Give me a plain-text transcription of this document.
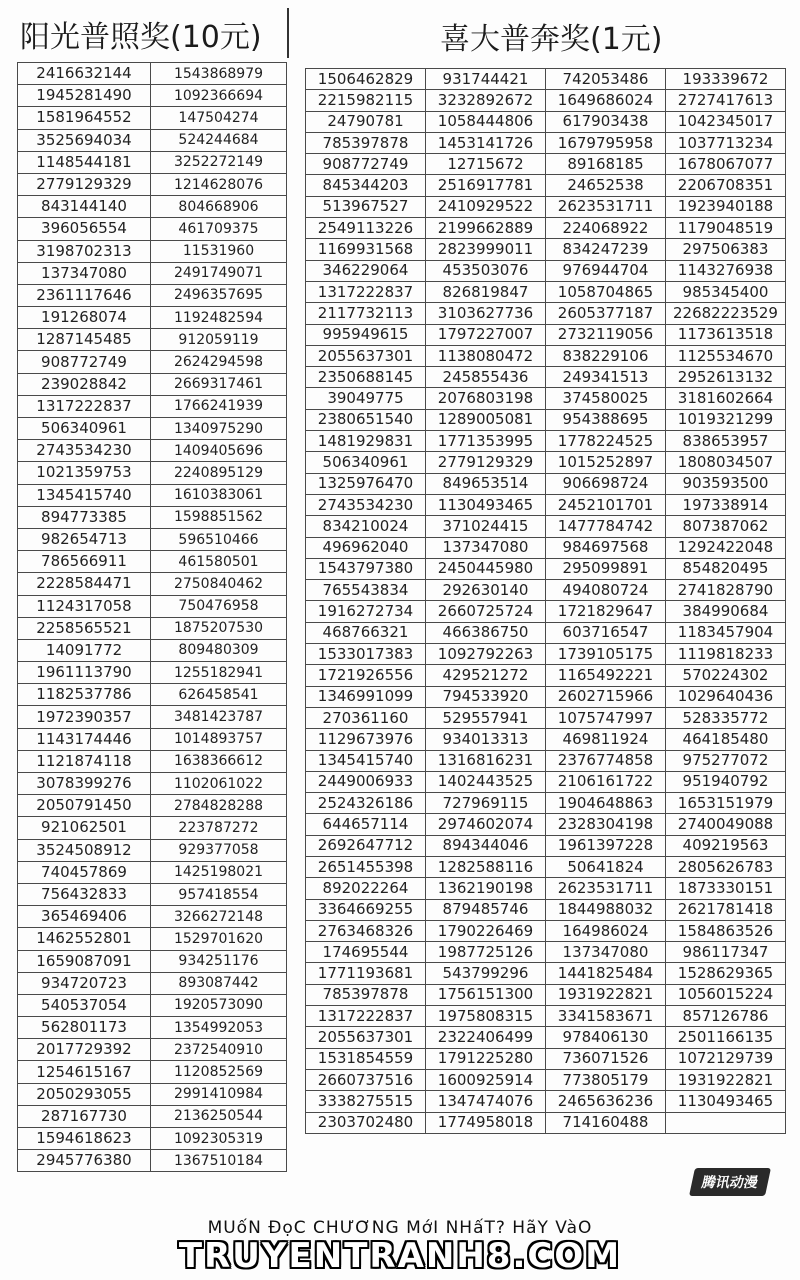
阳光普照奖(10元)	喜大普奔奖(1元)
2416632144	1543868979
1945281490	1092366694
1581964552	147504274
3525694034	524244684
1148544181	3252272149
2779129329	1214628076
843144140	804668906
396056554	461709375
3198702313	11531960
137347080	2491749071
2361117646	2496357695
191268074	1192482594
1287145485	912059119
908772749	2624294598
239028842	2669317461
1317222837	1766241939
506340961	1340975290
2743534230	1409405696
1021359753	2240895129
1345415740	1610383061
894773385	1598851562
982654713	596510466
786566911	461580501
2228584471	2750840462
1124317058	750476958
2258565521	1875207530
14091772	809480309
1961113790	1255182941
1182537786	626458541
1972390357	3481423787
1143174446	1014893757
1121874118	1638366612
3078399276	1102061022
2050791450	2784828288
921062501	223787272
3524508912	929377058
740457869	1425198021
756432833	957418554
365469406	3266272148
1462552801	1529701620
1659087091	934251176
934720723	893087442
540537054	1920573090
562801173	1354992053
2017729392	2372540910
1254615167	1120852569
2050293055	2991410984
287167730	2136250544
1594618623	1092305319
2945776380	1367510184
1506462829	931744421	742053486	193339672
2215982115	3232892672	1649686024	2727417613
24790781	1058444806	617903438	1042345017
785397878	1453141726	1679795958	1037713234
908772749	12715672	89168185	1678067077
845344203	2516917781	24652538	2206708351
513967527	2410929522	2623531711	1923940188
2549113226	2199662889	224068922	1179048519
1169931568	2823999011	834247239	297506383
346229064	453503076	976944704	1143276938
1317222837	826819847	1058704865	985345400
2117732113	3103627736	2605377187	22682223529
995949615	1797227007	2732119056	1173613518
2055637301	1138080472	838229106	1125534670
2350688145	245855436	249341513	2952613132
39049775	2076803198	374580025	3181602664
2380651540	1289005081	954388695	1019321299
1481929831	1771353995	1778224525	838653957
506340961	2779129329	1015252897	1808034507
1325976470	849653514	906698724	903593500
2743534230	1130493465	2452101701	197338914
834210024	371024415	1477784742	807387062
496962040	137347080	984697568	1292422048
1543797380	2450445980	295099891	854820495
765543834	292630140	494080724	2741828790
1916272734	2660725724	1721829647	384990684
468766321	466386750	603716547	1183457904
1533017383	1092792263	1739105175	1119818233
1721926556	429521272	1165492221	570224302
1346991099	794533920	2602715966	1029640436
270361160	529557941	1075747997	528335772
1129673976	934013313	469811924	464185480
1345415740	1316816231	2376774858	975277072
2449006933	1402443525	2106161722	951940792
2524326186	727969115	1904648863	1653151979
644657114	2974602074	2328304198	2740049088
2692647712	894344046	1961397228	409219563
2651455398	1282588116	50641824	2805626783
892022264	1362190198	2623531711	1873330151
3364669255	879485746	1844988032	2621781418
2763468326	1790226469	164986024	1584863526
174695544	1987725126	137347080	986117347
1771193681	543799296	1441825484	1528629365
785397878	1756151300	1931922821	1056015224
1317222837	1975808315	3341583671	857126786
2055637301	2322406499	978406130	2501166135
1531854559	1791225280	736071526	1072129739
2660737516	1600925914	773805179	1931922821
3338275515	1347474076	2465636236	1130493465
2303702480	1774958018	714160488	
腾讯动漫
MUốN ĐọC CHƯƠNG MớI NHấT? HãY VàO
TRUYENTRANH8.COM
